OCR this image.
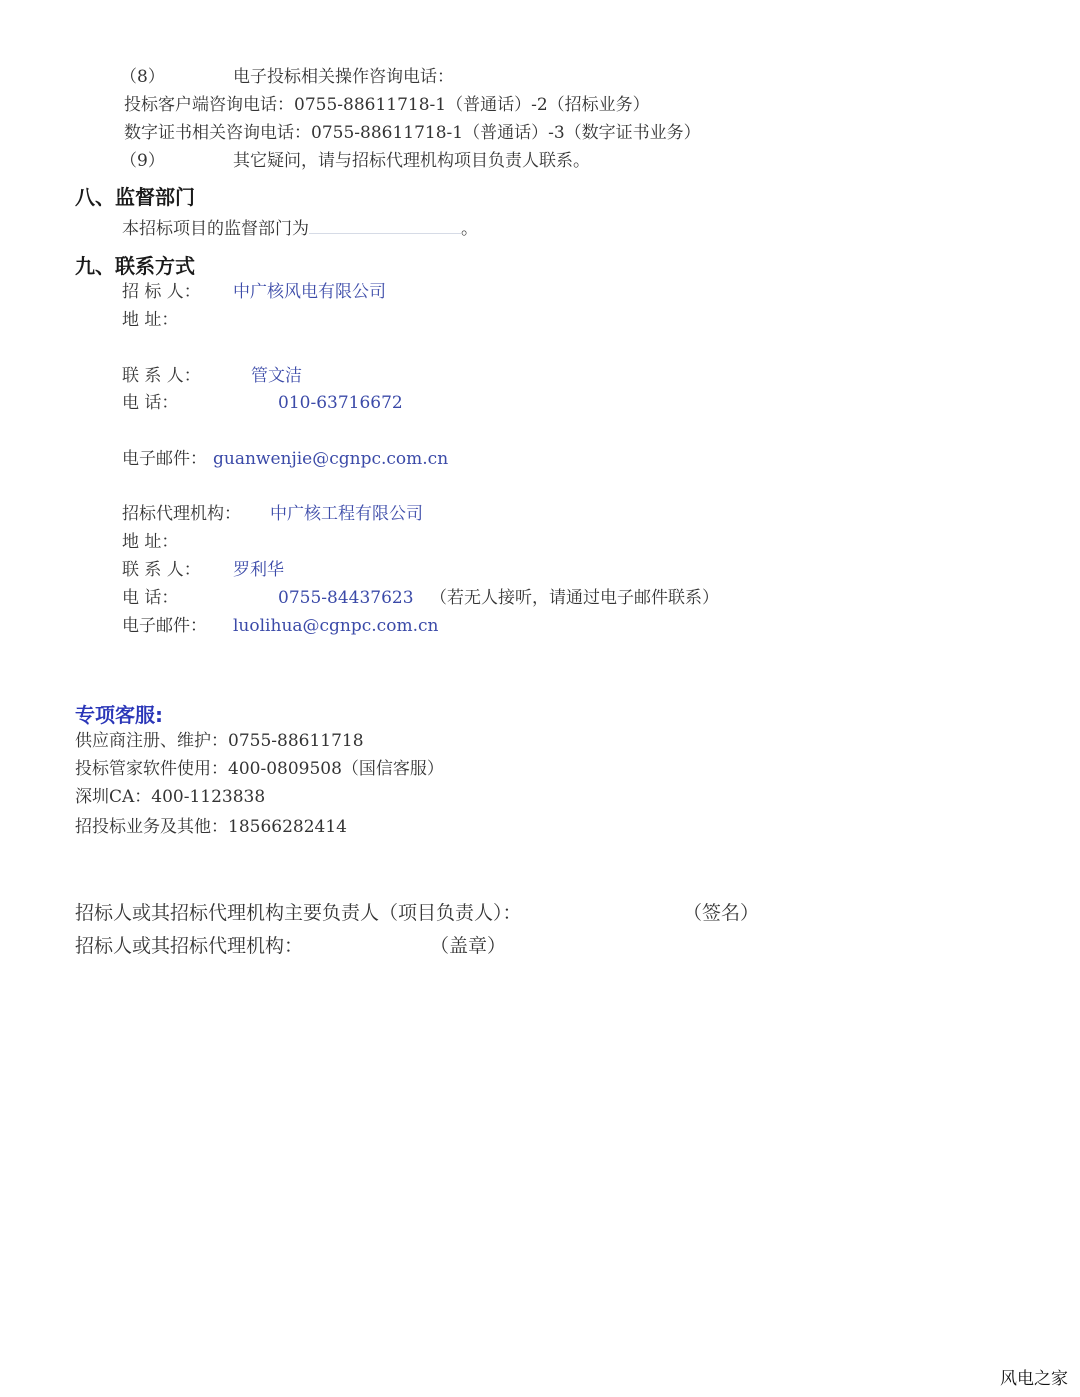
（8）	电子投标相关操作咨询电话：
投标客户端咨询电话：0755-88611718-1（普通话）-2（招标业务）
数字证书相关咨询电话：0755-88611718-1（普通话）-3（数字证书业务）
（9）	其它疑问，请与招标代理机构项目负责人联系。
八、监督部门
本招标项目的监督部门为	。
九、联系方式
招 标 人： 中广核风电有限公司
地 址：
联 系 人：	管文洁
电 话：	010-63716672
电子邮件： guanwenjie@cgnpc.com.cn
招标代理机构： 中广核工程有限公司
地 址：
联 系 人： 罗利华
电 话：	0755-84437623 （若无人接听，请通过电子邮件联系）
电子邮件： luolihua@cgnpc.com.cn
专项客服:
供应商注册、维护：0755-88611718
投标管家软件使用：400-0809508（国信客服）
深圳CA：400-1123838
招投标业务及其他：18566282414
招标人或其招标代理机构主要负责人（项目负责人）：	（签名）
招标人或其招标代理机构：	（盖章）
风电之家
